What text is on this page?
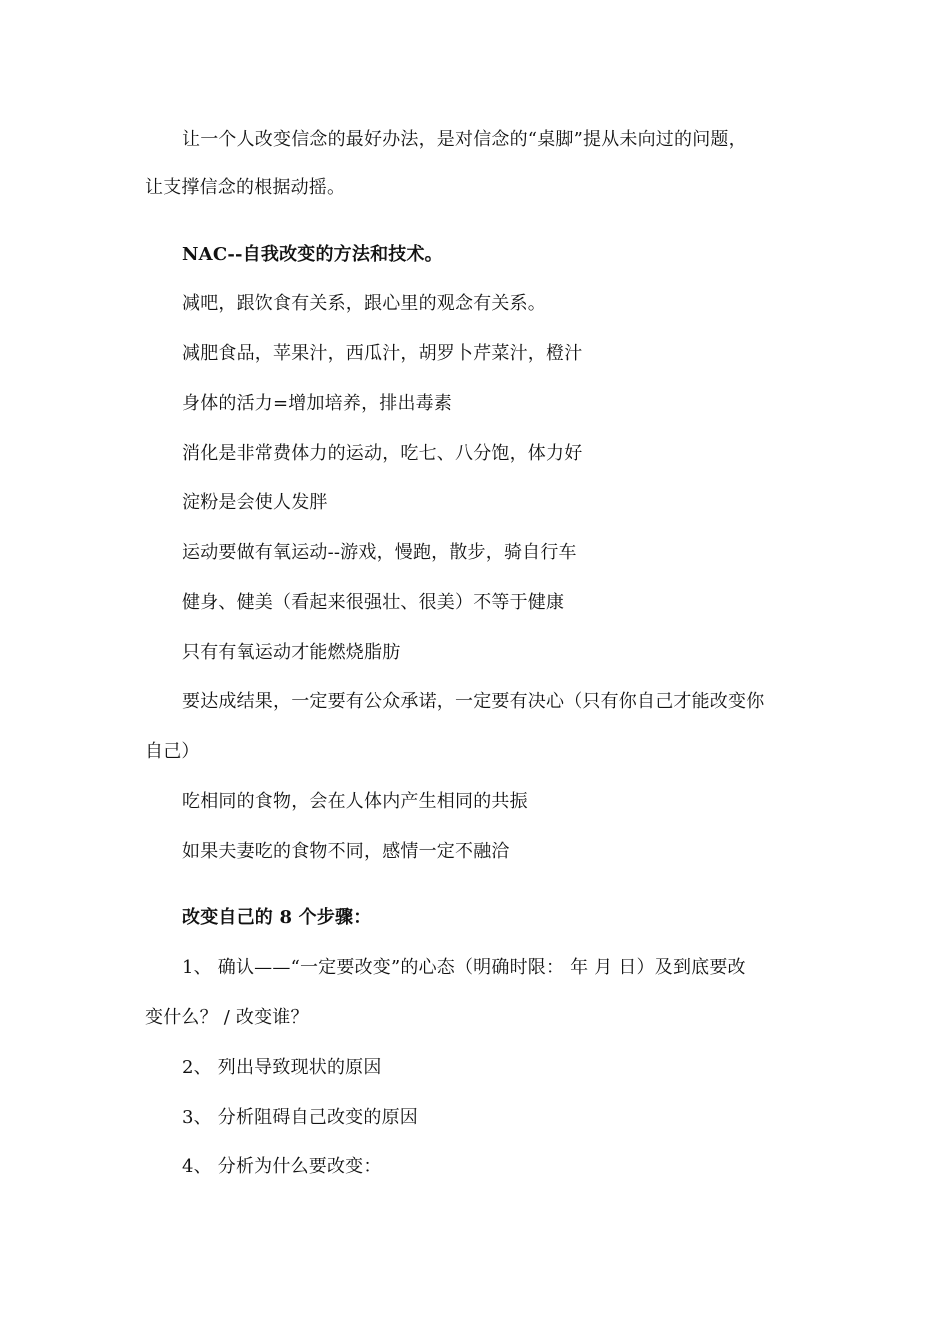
让一个人改变信念的最好办法，是对信念的“桌脚”提从未向过的问题，
让支撑信念的根据动摇。
NAC--自我改变的方法和技术。
减吧，跟饮食有关系，跟心里的观念有关系。
减肥食品，苹果汁，西瓜汁，胡罗卜芹菜汁，橙汁
身体的活力=增加培养，排出毒素
消化是非常费体力的运动，吃七、八分饱，体力好
淀粉是会使人发胖
运动要做有氧运动--游戏，慢跑，散步，骑自行车
健身、健美（看起来很强壮、很美）不等于健康
只有有氧运动才能燃烧脂肪
要达成结果，一定要有公众承诺，一定要有决心（只有你自己才能改变你
自己）
吃相同的食物，会在人体内产生相同的共振
如果夫妻吃的食物不同，感情一定不融洽
改变自己的 8 个步骤：
1、 确认——“一定要改变”的心态（明确时限： 年 月 日）及到底要改
变什么？ / 改变谁？
2、 列出导致现状的原因
3、 分析阻碍自己改变的原因
4、 分析为什么要改变：
